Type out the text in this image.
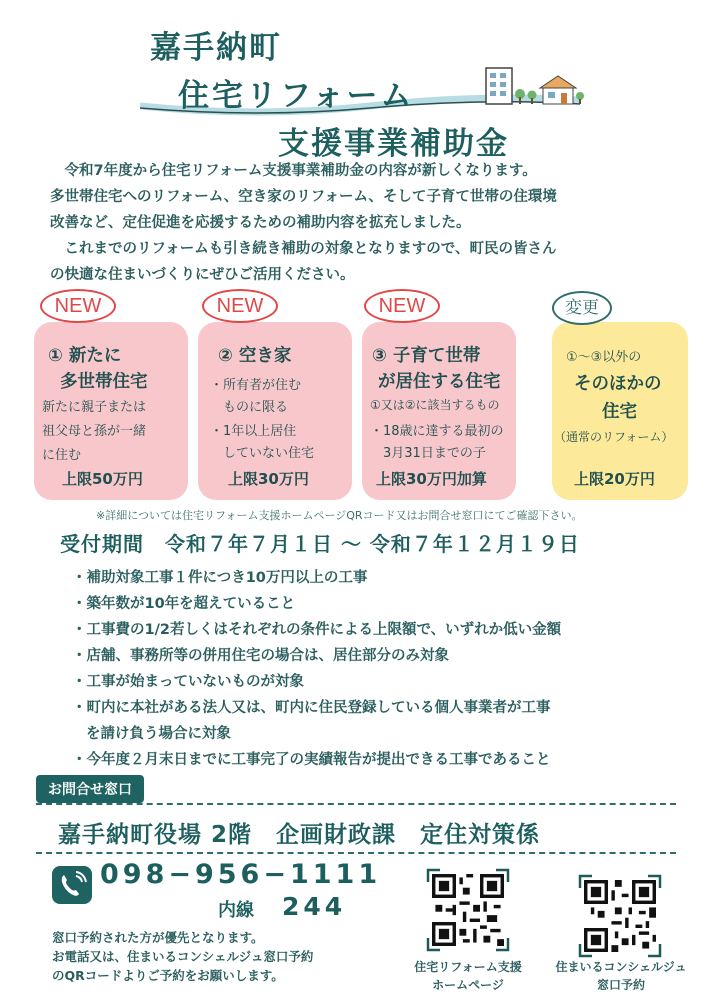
嘉手納町
住宅リフォーム
支援事業補助金

　令和7年度から住宅リフォーム支援事業補助金の内容が新しくなります。

多世帯住宅へのリフォーム、空き家のリフォーム、そして子育て世帯の住環境

改善など、定住促進を応援するための補助内容を拡充しました。

　これまでのリフォームも引き続き補助の対象となりますので、町民の皆さん

の快適な住まいづくりにぜひご活用ください。

① 新たに
多世帯住宅
新たに親子または
祖父母と孫が一緒
に住む
上限50万円
② 空き家
・所有者が住む
　ものに限る
・1年以上居住
　していない住宅
上限30万円
③ 子育て世帯
が居住する住宅
①又は②に該当するもの
・18歳に達する最初の
　3月31日までの子
上限30万円加算
①〜③以外の
そのほかの
住宅
（通常のリフォーム）
上限20万円
NEW	NEW	NEW	変更
※詳細については住宅リフォーム支援ホームページQRコード又はお問合せ窓口にてご確認下さい。
受付期間　令和７年７月１日 〜 令和７年１２月１９日
・補助対象工事１件につき10万円以上の工事
・築年数が10年を超えていること
・工事費の1/2若しくはそれぞれの条件による上限額で、いずれか低い金額
・店舗、事務所等の併用住宅の場合は、居住部分のみ対象
・工事が始まっていないものが対象
・町内に本社がある法人又は、町内に住民登録している個人事業者が工事
を請け負う場合に対象
・今年度２月末日までに工事完了の実績報告が提出できる工事であること
お問合せ窓口
嘉手納町役場 2階　企画財政課　定住対策係
098−956−1111
内線 244

窓口予約された方が優先となります。

お電話又は、住まいるコンシェルジュ窓口予約

のQRコードよりご予約をお願いします。

住宅リフォーム支援
ホームページ
住まいるコンシェルジュ
窓口予約
